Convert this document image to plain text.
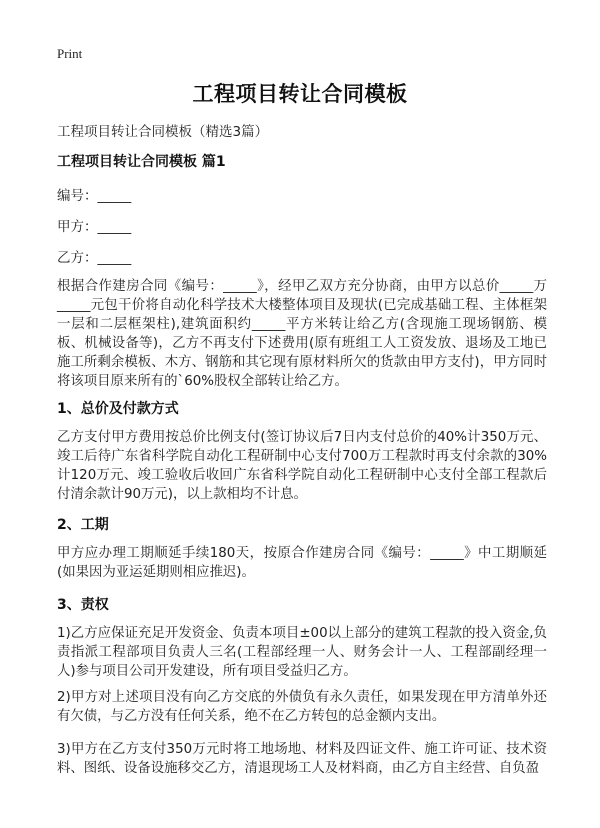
Print
工程项目转让合同模板
工程项目转让合同模板（精选3篇）
工程项目转让合同模板 篇1
编号：_____
甲方：_____
乙方：_____

根据合作建房合同《编号：_____》，经甲乙双方充分协商，由甲方以总价_____万_____元包干价将自动化科学技术大楼整体项目及现状(已完成基础工程、主体框架一层和二层框架柱),建筑面积约_____平方米转让给乙方(含现施工现场钢筋、模板、机械设备等)，乙方不再支付下述费用(原有班组工人工资发放、退场及工地已施工所剩余模板、木方、钢筋和其它现有原材料所欠的货款由甲方支付)，甲方同时将该项目原来所有的`60%股权全部转让给乙方。

1、总价及付款方式

乙方支付甲方费用按总价比例支付(签订协议后7日内支付总价的40%计350万元、竣工后待广东省科学院自动化工程研制中心支付700万工程款时再支付余款的30%计120万元、竣工验收后收回广东省科学院自动化工程研制中心支付全部工程款后付清余款计90万元)，以上款相均不计息。

2、工期

甲方应办理工期顺延手续180天，按原合作建房合同《编号：_____》中工期顺延(如果因为亚运延期则相应推迟)。

3、责权

1)乙方应保证充足开发资金、负责本项目±00以上部分的建筑工程款的投入资金,负责指派工程部项目负责人三名(工程部经理一人、财务会计一人、工程部副经理一人)参与项目公司开发建设，所有项目受益归乙方。

2)甲方对上述项目没有向乙方交底的外债负有永久责任，如果发现在甲方清单外还有欠债，与乙方没有任何关系，绝不在乙方转包的总金额内支出。

3)甲方在乙方支付350万元时将工地场地、材料及四证文件、施工许可证、技术资料、图纸、设备设施移交乙方，清退现场工人及材料商，由乙方自主经营、自负盈
